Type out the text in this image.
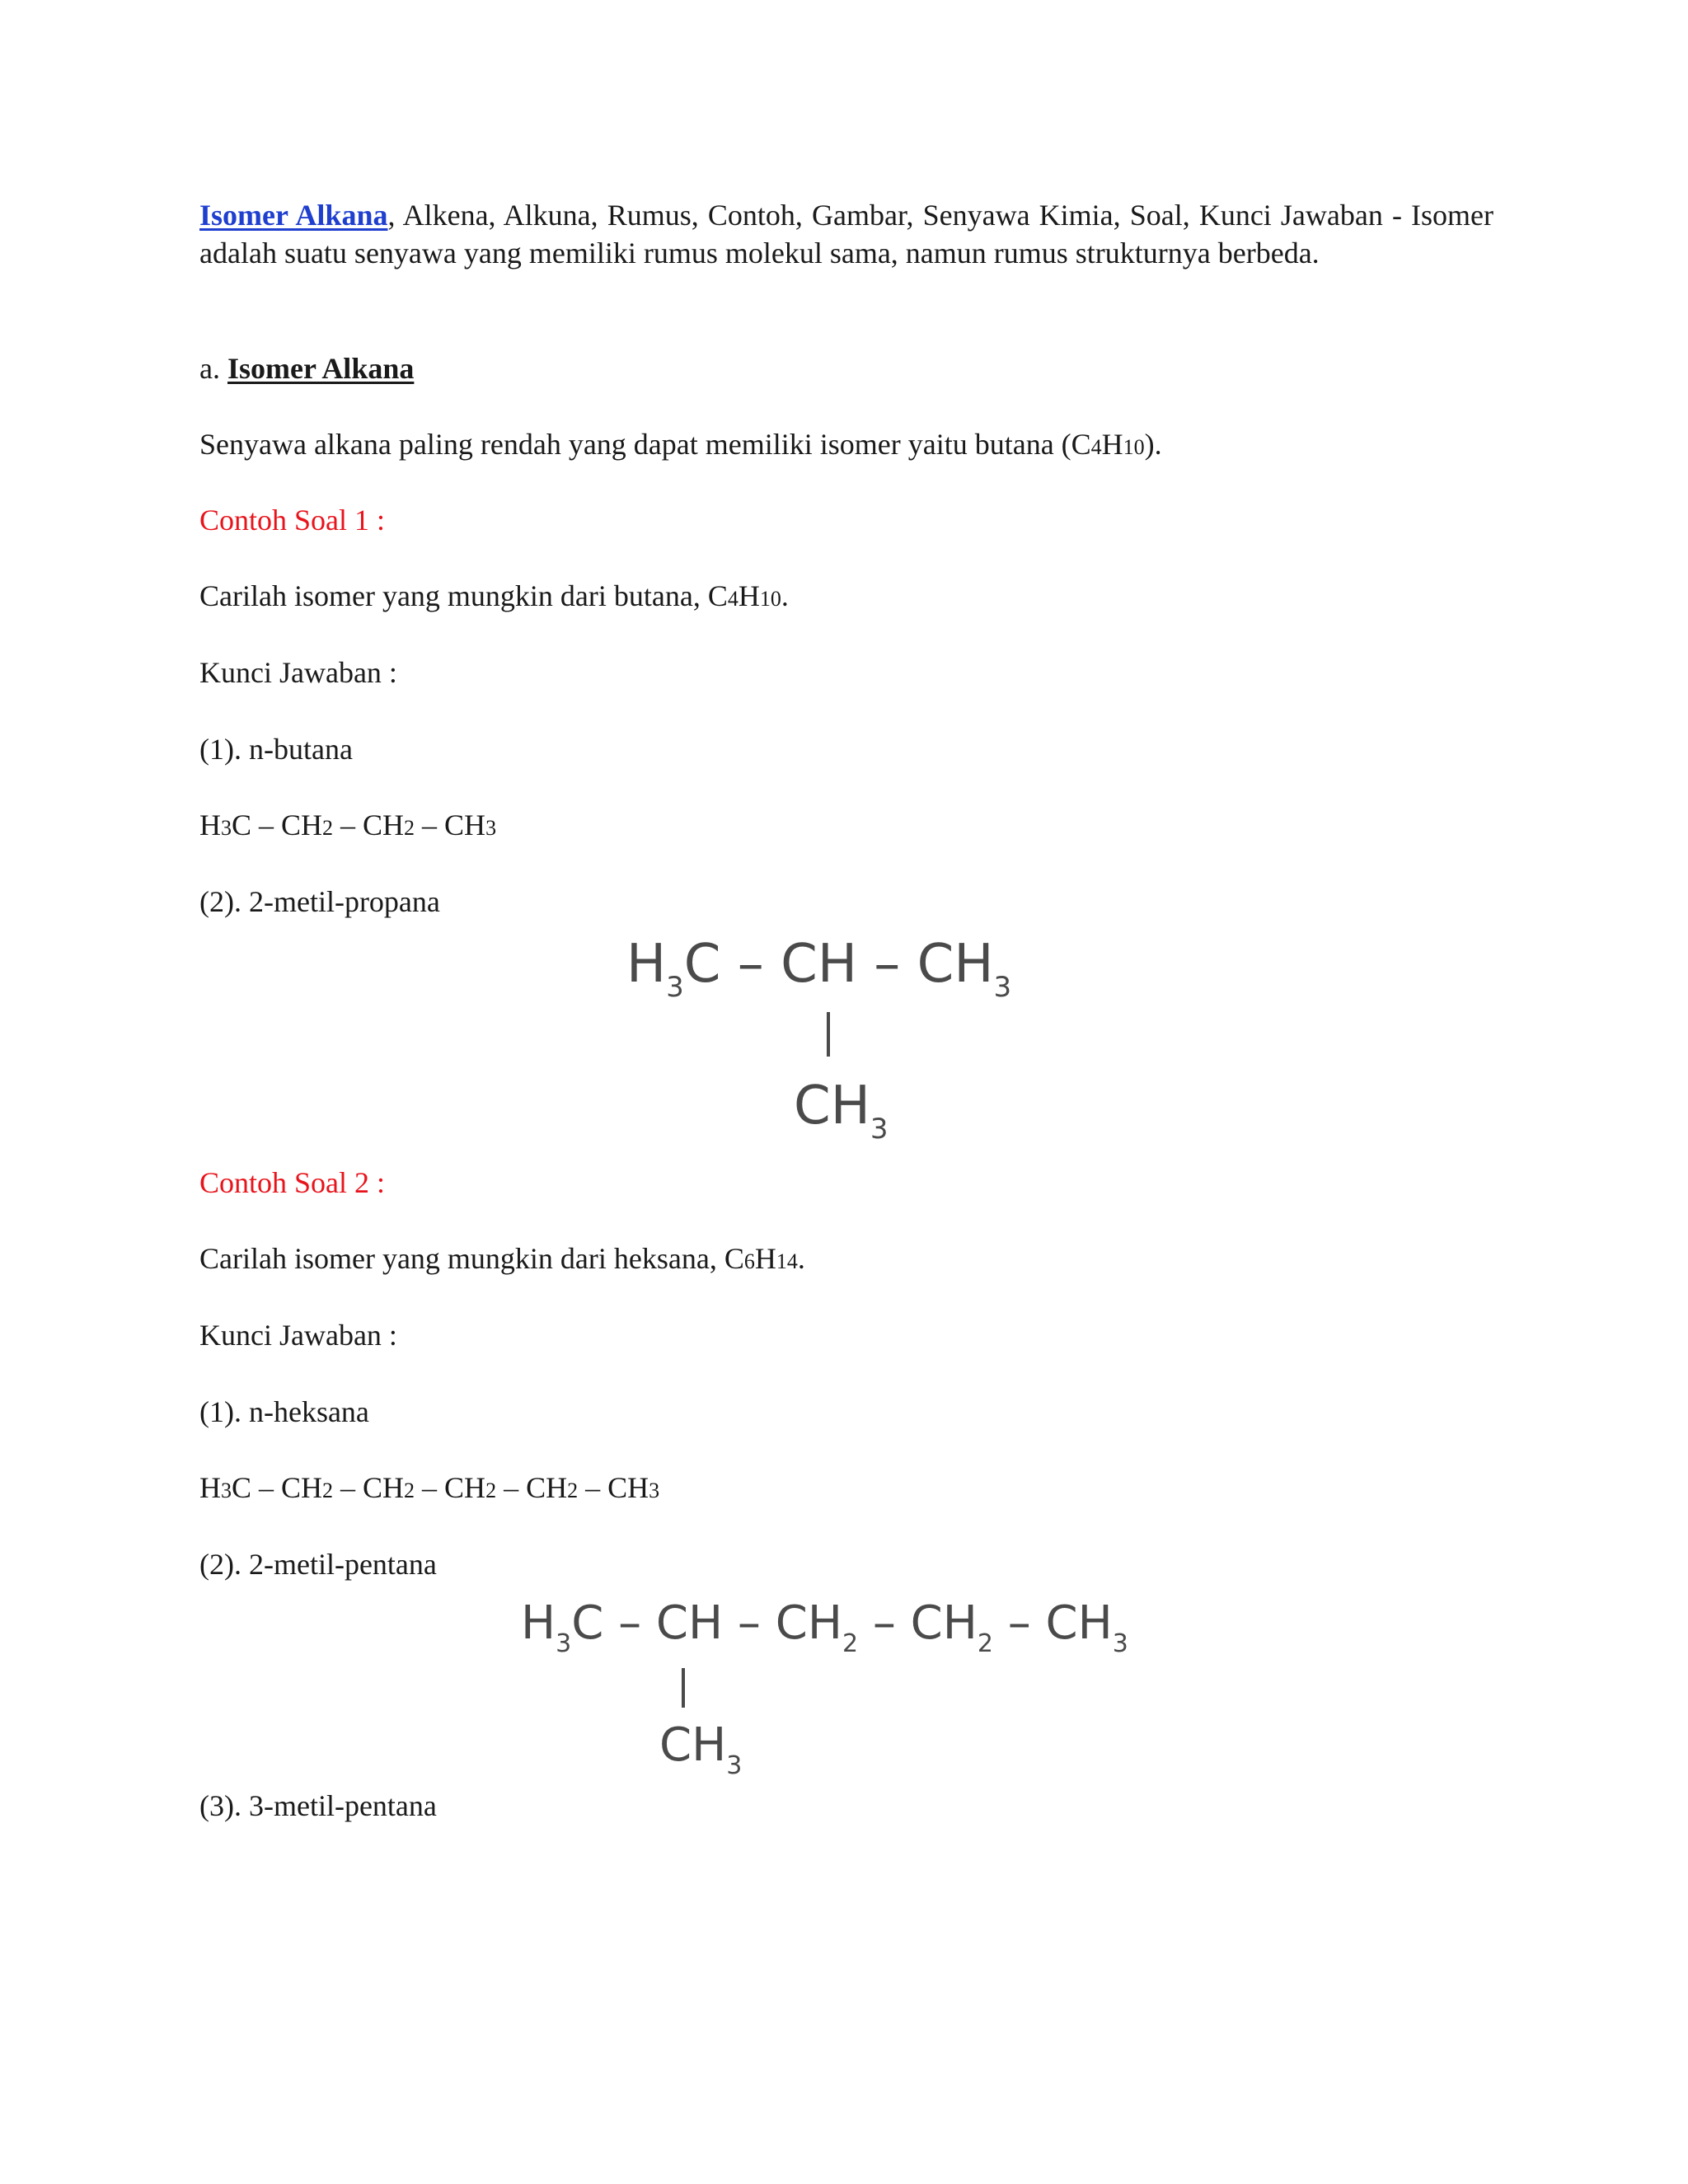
Isomer Alkana, Alkena, Alkuna, Rumus, Contoh, Gambar, Senyawa Kimia, Soal, Kunci Jawaban - Isomer adalah suatu senyawa yang memiliki rumus molekul sama, namun rumus strukturnya berbeda.

a. Isomer Alkana

Senyawa alkana paling rendah yang dapat memiliki isomer yaitu butana (C4H10).

Contoh Soal 1 :

Carilah isomer yang mungkin dari butana, C4H10.

Kunci Jawaban :

(1). n-butana

H3C – CH2 – CH2 – CH3

(2). 2-metil-propana

$H_3C$ – CH – $CH_3$
$CH_3$

Contoh Soal 2 :

Carilah isomer yang mungkin dari heksana, C6H14.

Kunci Jawaban :

(1). n-heksana

H3C – CH2 – CH2 – CH2 – CH2 – CH3

(2). 2-metil-pentana

$H_3C$ – CH – $CH_2 - CH_2 - CH_3$
$CH_3$

(3). 3-metil-pentana
